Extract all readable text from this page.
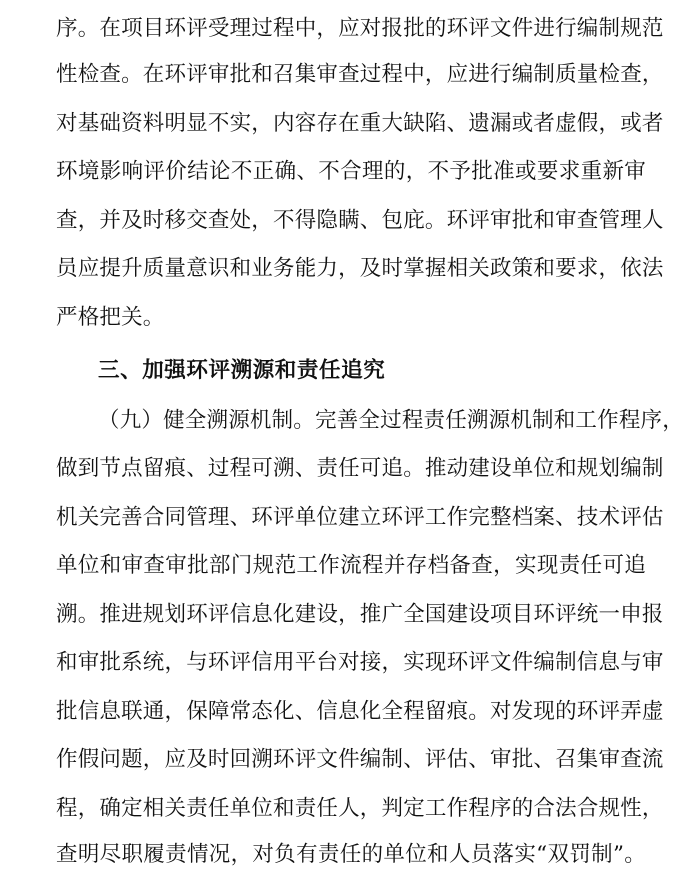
序。在项目环评受理过程中，应对报批的环评文件进行编制规范
性检查。在环评审批和召集审查过程中，应进行编制质量检查，
对基础资料明显不实，内容存在重大缺陷、遗漏或者虚假，或者
环境影响评价结论不正确、不合理的，不予批准或要求重新审
查，并及时移交查处，不得隐瞒、包庇。环评审批和审查管理人
员应提升质量意识和业务能力，及时掌握相关政策和要求，依法
严格把关。
三、加强环评溯源和责任追究
（九）健全溯源机制。完善全过程责任溯源机制和工作程序，
做到节点留痕、过程可溯、责任可追。推动建设单位和规划编制
机关完善合同管理、环评单位建立环评工作完整档案、技术评估
单位和审查审批部门规范工作流程并存档备查，实现责任可追
溯。推进规划环评信息化建设，推广全国建设项目环评统一申报
和审批系统，与环评信用平台对接，实现环评文件编制信息与审
批信息联通，保障常态化、信息化全程留痕。对发现的环评弄虚
作假问题，应及时回溯环评文件编制、评估、审批、召集审查流
程，确定相关责任单位和责任人，判定工作程序的合法合规性，
查明尽职履责情况，对负有责任的单位和人员落实“双罚制”。
